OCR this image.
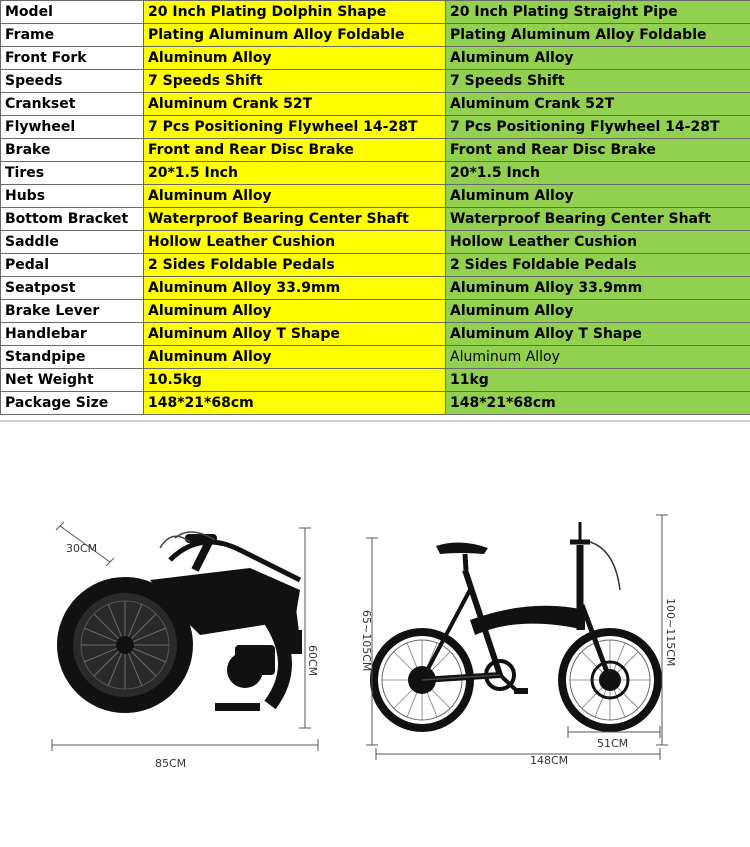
Model	20 Inch Plating Dolphin Shape	20 Inch Plating Straight Pipe
Frame	Plating Aluminum Alloy Foldable	Plating Aluminum Alloy Foldable
Front Fork	Aluminum Alloy	Aluminum Alloy
Speeds	7 Speeds Shift	7 Speeds Shift
Crankset	Aluminum Crank 52T	Aluminum Crank 52T
Flywheel	7 Pcs Positioning Flywheel 14-28T	7 Pcs Positioning Flywheel 14-28T
Brake	Front and Rear Disc Brake	Front and Rear Disc Brake
Tires	20*1.5 Inch	20*1.5 Inch
Hubs	Aluminum Alloy	Aluminum Alloy
Bottom Bracket	Waterproof Bearing Center Shaft	Waterproof Bearing Center Shaft
Saddle	Hollow Leather Cushion	Hollow Leather Cushion
Pedal	2 Sides Foldable Pedals	2 Sides Foldable Pedals
Seatpost	Aluminum Alloy 33.9mm	Aluminum Alloy 33.9mm
Brake Lever	Aluminum Alloy	Aluminum Alloy
Handlebar	Aluminum Alloy T Shape	Aluminum Alloy T Shape
Standpipe	Aluminum Alloy	Aluminum Alloy
Net Weight	10.5kg	11kg
Package Size	148*21*68cm	148*21*68cm
30CM
60CM
85CM
65~105CM	100~115CM
51CM
148CM
